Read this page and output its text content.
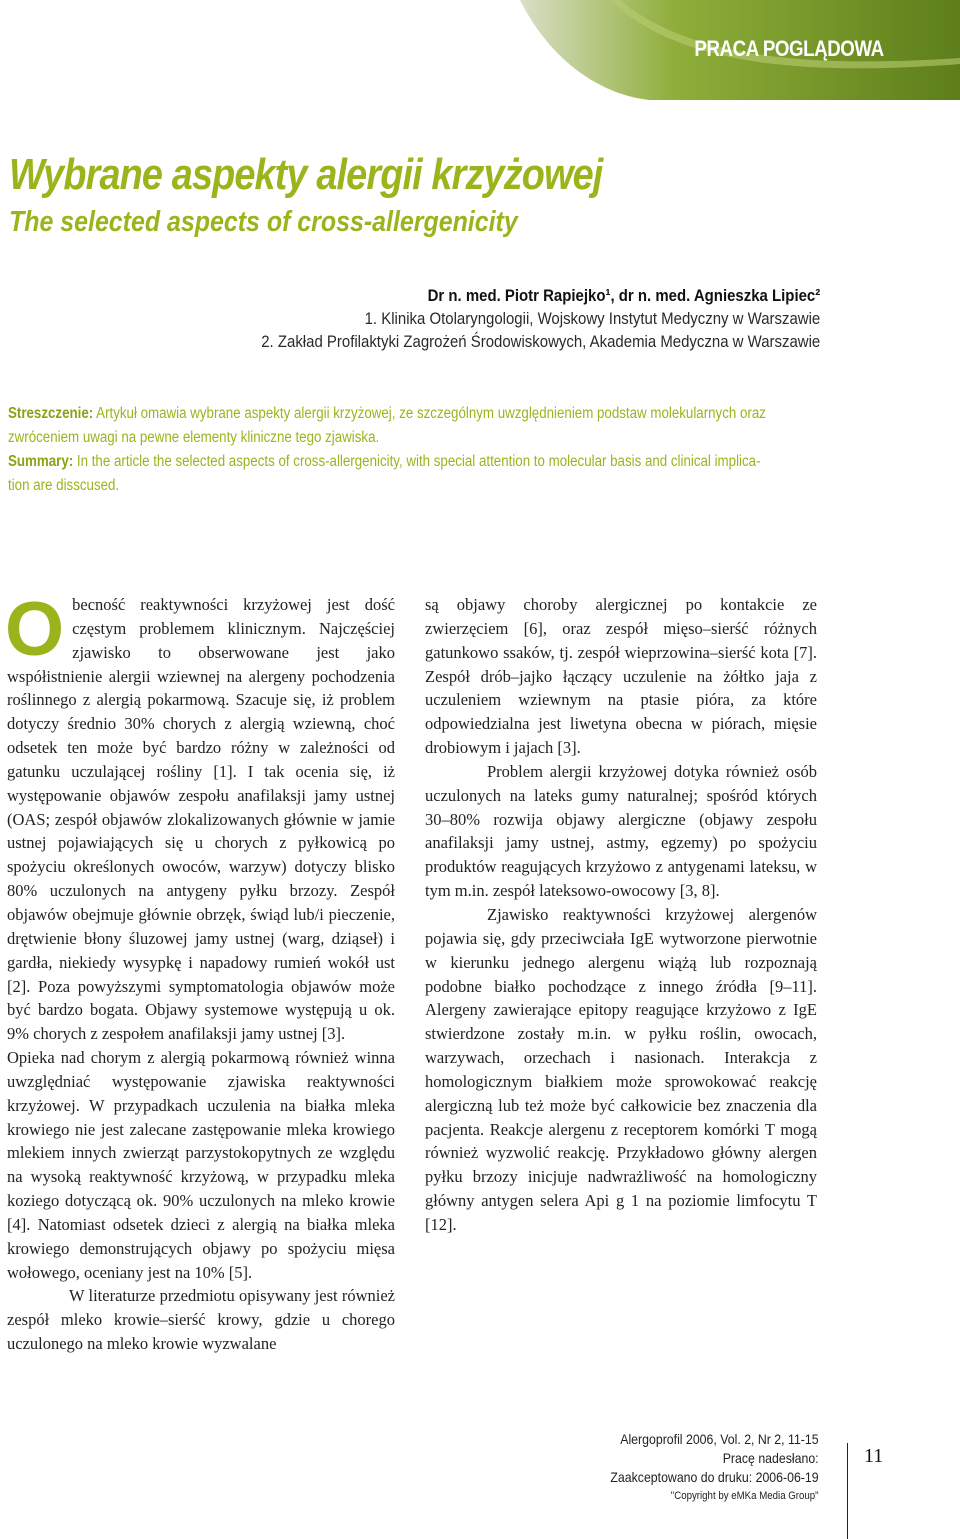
PRACA POGLĄDOWA
Wybrane aspekty alergii krzyżowej
The selected aspects of cross-allergenicity
Dr n. med. Piotr Rapiejko¹, dr n. med. Agnieszka Lipiec²
1. Klinika Otolaryngologii, Wojskowy Instytut Medyczny w Warszawie
2. Zakład Profilaktyki Zagrożeń Środowiskowych, Akademia Medyczna w Warszawie

Streszczenie: Artykuł omawia wybrane aspekty alergii krzyżowej, ze szczególnym uwzględnieniem podstaw molekularnych oraz

zwróceniem uwagi na pewne elementy kliniczne tego zjawiska.

Summary: In the article the selected aspects of cross-allergenicity, with special attention to molecular basis and clinical implica-

tion are disscused.

Obecność reaktywności krzyżowej jest dość częstym problemem klinicznym. Najczęściej zjawisko to obserwowane jest jako współistnienie alergii wziewnej na alergeny pochodzenia roślinnego z alergią pokarmową. Szacuje się, iż problem dotyczy średnio 30% chorych z alergią wziewną, choć odsetek ten może być bardzo różny w zależności od gatunku uczulającej rośliny [1]. I tak ocenia się, iż występowanie objawów zespołu anafilaksji jamy ustnej (OAS; zespół objawów zlokalizowanych głównie w jamie ustnej pojawiających się u chorych z pyłkowicą po spożyciu określonych owoców, warzyw) dotyczy blisko 80% uczulonych na antygeny pyłku brzozy. Zespół objawów obejmuje głównie obrzęk, świąd lub/i pieczenie, drętwienie błony śluzowej jamy ustnej (warg, dziąseł) i gardła, niekiedy wysypkę i napadowy rumień wokół ust [2]. Poza powyższymi symptomatologia objawów może być bardzo bogata. Objawy systemowe występują u ok. 9% chorych z zespołem anafilaksji jamy ustnej [3].

Opieka nad chorym z alergią pokarmową również winna uwzględniać występowanie zjawiska reaktywności krzyżowej. W przypadkach uczulenia na białka mleka krowiego nie jest zalecane zastępowanie mleka krowiego mlekiem innych zwierząt parzystokopytnych ze względu na wysoką reaktywność krzyżową, w przypadku mleka koziego dotyczącą ok. 90% uczulonych na mleko krowie [4]. Natomiast odsetek dzieci z alergią na białka mleka krowiego demonstrujących objawy po spożyciu mięsa wołowego, oceniany jest na 10% [5].

W literaturze przedmiotu opisywany jest również zespół mleko krowie–sierść krowy, gdzie u chorego uczulonego na mleko krowie wyzwalane

są objawy choroby alergicznej po kontakcie ze zwierzęciem [6], oraz zespół mięso–sierść różnych gatunkowo ssaków, tj. zespół wieprzowina–sierść kota [7]. Zespół drób–jajko łączący uczulenie na żółtko jaja z uczuleniem wziewnym na ptasie pióra, za które odpowiedzialna jest liwetyna obecna w piórach, mięsie drobiowym i jajach [3].

Problem alergii krzyżowej dotyka również osób uczulonych na lateks gumy naturalnej; spośród których 30–80% rozwija objawy alergiczne (objawy zespołu anafilaksji jamy ustnej, astmy, egzemy) po spożyciu produktów reagujących krzyżowo z antygenami lateksu, w tym m.in. zespół lateksowo-owocowy [3, 8].

Zjawisko reaktywności krzyżowej alergenów pojawia się, gdy przeciwciała IgE wytworzone pierwotnie w kierunku jednego alergenu wiążą lub rozpoznają podobne białko pochodzące z innego źródła [9–11]. Alergeny zawierające epitopy reagujące krzyżowo z IgE stwierdzone zostały m.in. w pyłku roślin, owocach, warzywach, orzechach i nasionach. Interakcja z homologicznym białkiem może sprowokować reakcję alergiczną lub też może być całkowicie bez znaczenia dla pacjenta. Reakcje alergenu z receptorem komórki T mogą również wyzwolić reakcję. Przykładowo główny alergen pyłku brzozy inicjuje nadwrażliwość na homologiczny główny antygen selera Api g 1 na poziomie limfocytu T [12].

Alergoprofil 2006, Vol. 2, Nr 2, 11-15
Pracę nadesłano:
Zaakceptowano do druku: 2006-06-19
"Copyright by eMKa Media Group"
11
